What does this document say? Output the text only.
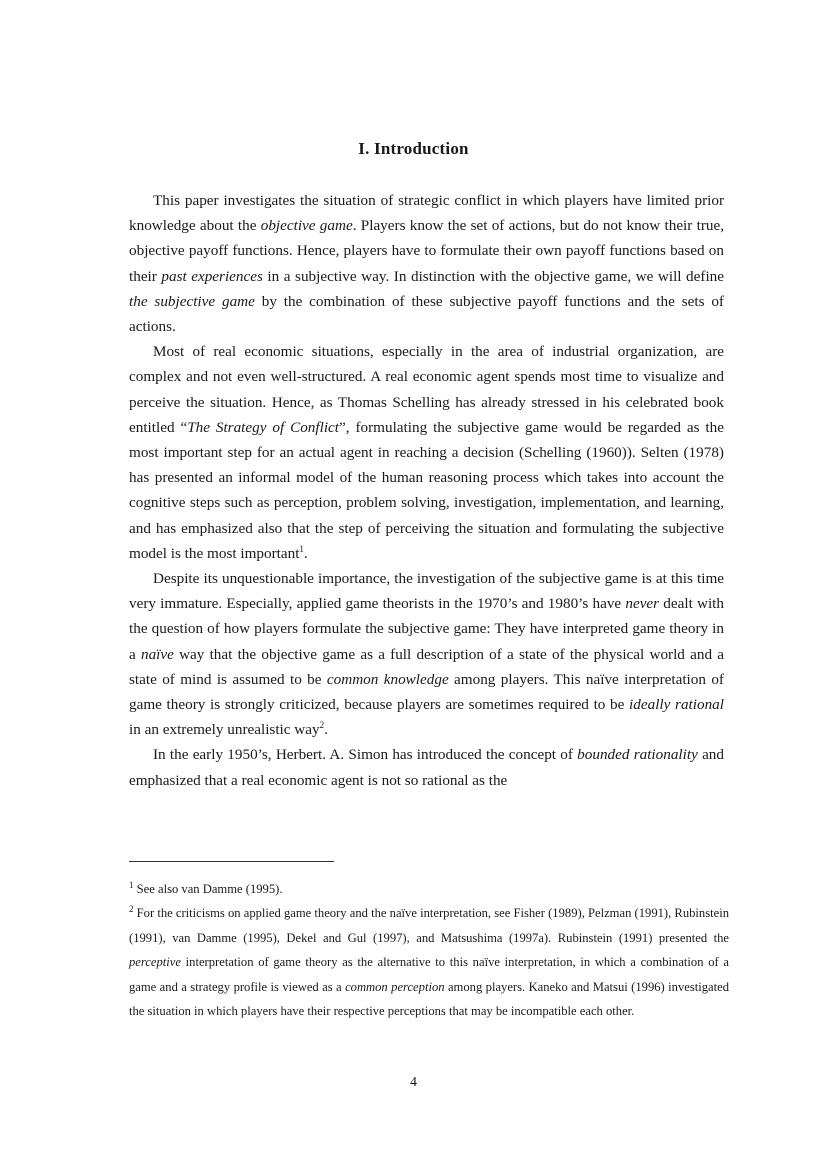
I. Introduction

This paper investigates the situation of strategic conflict in which players have limited prior knowledge about the objective game. Players know the set of actions, but do not know their true, objective payoff functions. Hence, players have to formulate their own payoff functions based on their past experiences in a subjective way. In distinction with the objective game, we will define the subjective game by the combination of these subjective payoff functions and the sets of actions.

Most of real economic situations, especially in the area of industrial organization, are complex and not even well-structured. A real economic agent spends most time to visualize and perceive the situation. Hence, as Thomas Schelling has already stressed in his celebrated book entitled “The Strategy of Conflict”, formulating the subjective game would be regarded as the most important step for an actual agent in reaching a decision (Schelling (1960)). Selten (1978) has presented an informal model of the human reasoning process which takes into account the cognitive steps such as perception, problem solving, investigation, implementation, and learning, and has emphasized also that the step of perceiving the situation and formulating the subjective model is the most important$^1$.

Despite its unquestionable importance, the investigation of the subjective game is at this time very immature. Especially, applied game theorists in the 1970’s and 1980’s have never dealt with the question of how players formulate the subjective game: They have interpreted game theory in a naïve way that the objective game as a full description of a state of the physical world and a state of mind is assumed to be common knowledge among players. This naïve interpretation of game theory is strongly criticized, because players are sometimes required to be ideally rational in an extremely unrealistic way$^2$.

In the early 1950’s, Herbert. A. Simon has introduced the concept of bounded rationality and emphasized that a real economic agent is not so rational as the

$^1$ See also van Damme (1995).

$^2$ For the criticisms on applied game theory and the naïve interpretation, see Fisher (1989), Pelzman (1991), Rubinstein (1991), van Damme (1995), Dekel and Gul (1997), and Matsushima (1997a). Rubinstein (1991) presented the perceptive interpretation of game theory as the alternative to this naïve interpretation, in which a combination of a game and a strategy profile is viewed as a common perception among players. Kaneko and Matsui (1996) investigated the situation in which players have their respective perceptions that may be incompatible each other.

4
